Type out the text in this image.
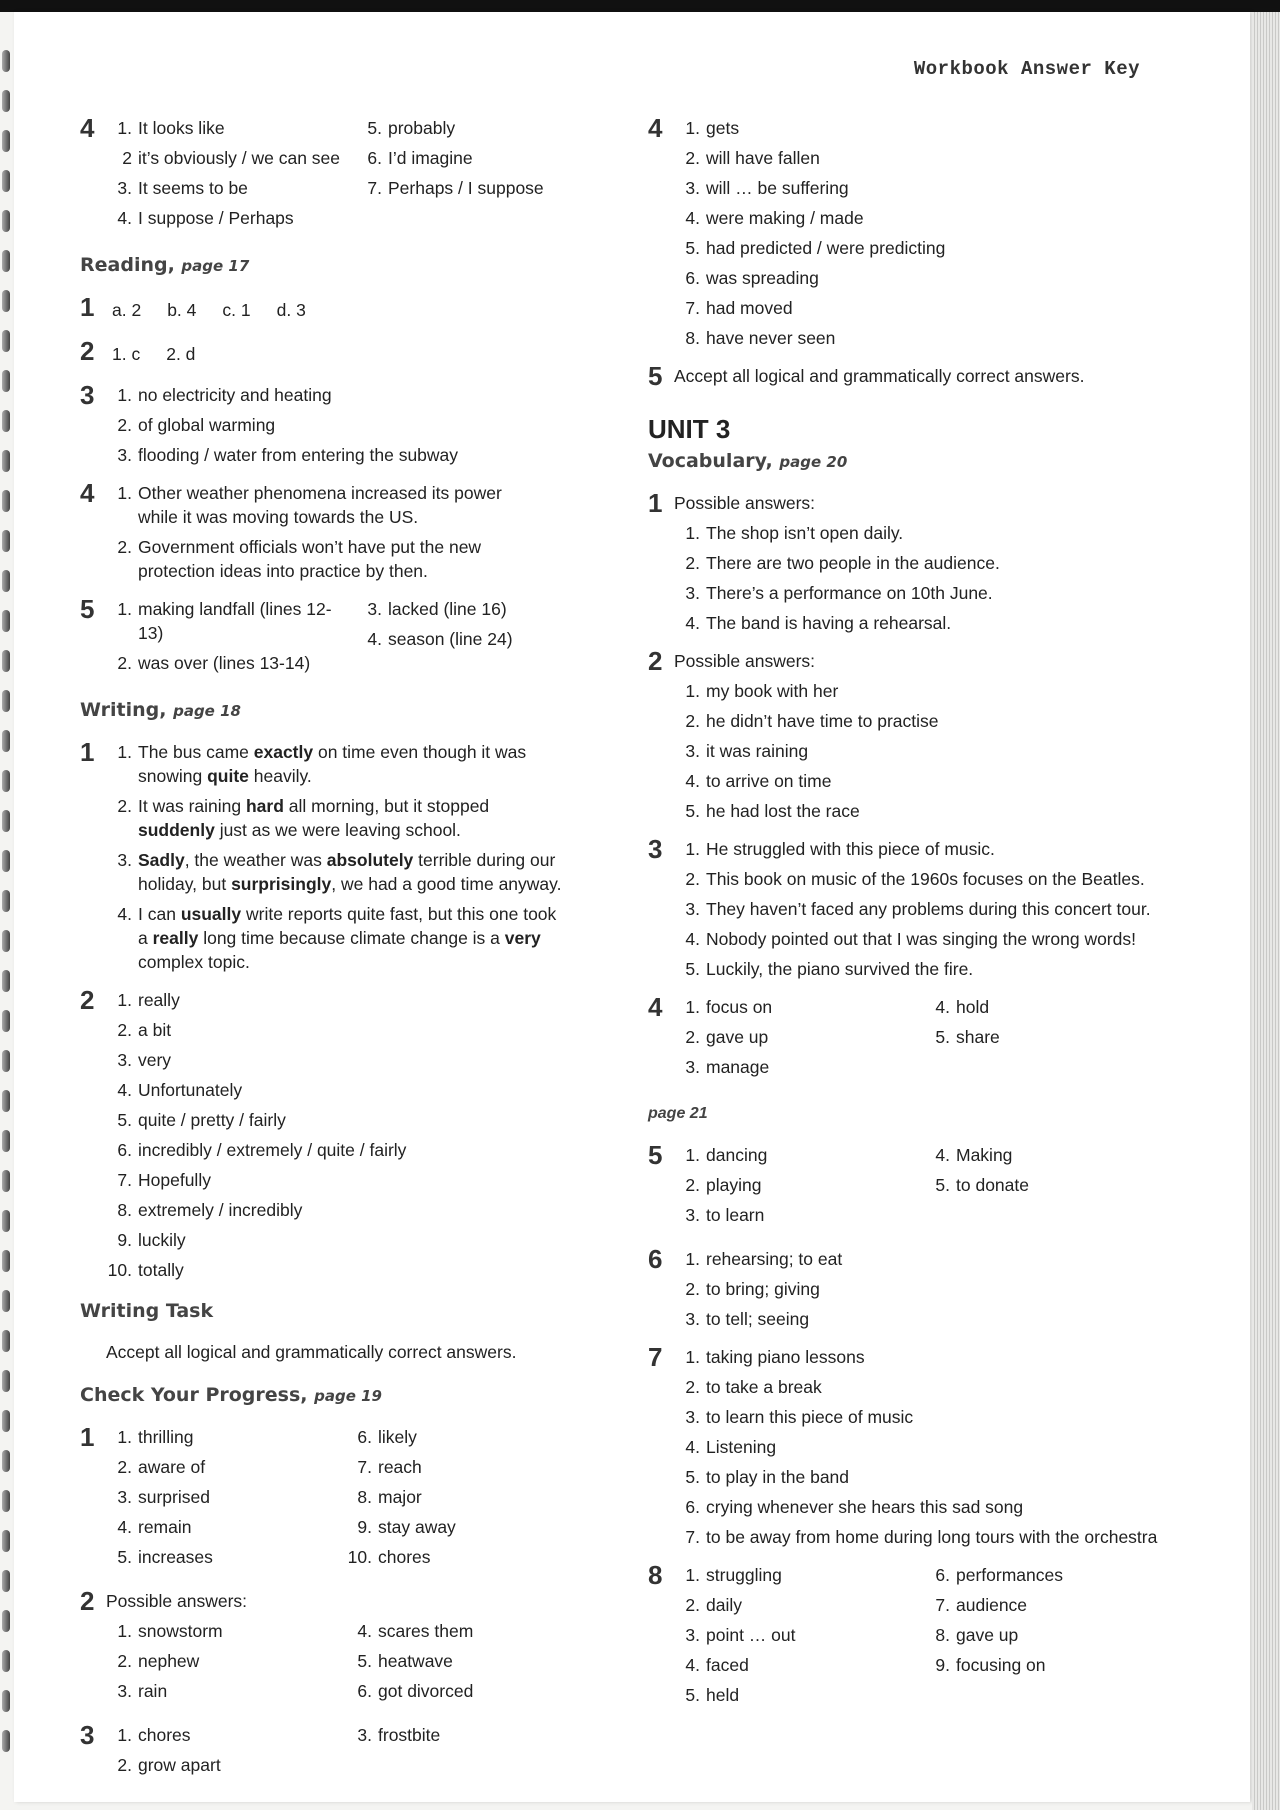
Workbook Answer Key
4	1. It looks like
2 it’s obviously / we can see
3. It seems to be
4. I suppose / Perhaps
5. probably
6. I’d imagine
7. Perhaps / I suppose
Reading, page 17
1	a. 2 b. 4 c. 1 d. 3
2	1. c 2. d
3	1. no electricity and heating
2. of global warming
3. flooding / water from entering the subway
4	1. Other weather phenomena increased its power while it was moving towards the US.
2. Government officials won’t have put the new protection ideas into practice by then.
5	1. making landfall (lines 12-13)
2. was over (lines 13-14)
3. lacked (line 16)
4. season (line 24)
Writing, page 18
1	1. The bus came exactly on time even though it was snowing quite heavily.
2. It was raining hard all morning, but it stopped suddenly just as we were leaving school.
3. Sadly, the weather was absolutely terrible during our holiday, but surprisingly, we had a good time anyway.
4. I can usually write reports quite fast, but this one took a really long time because climate change is a very complex topic.
2	1. really
2. a bit
3. very
4. Unfortunately
5. quite / pretty / fairly
6. incredibly / extremely / quite / fairly
7. Hopefully
8. extremely / incredibly
9. luckily
10. totally
Writing Task
Accept all logical and grammatically correct answers.
Check Your Progress, page 19
1	1. thrilling
2. aware of
3. surprised
4. remain
5. increases
6. likely
7. reach
8. major
9. stay away
10. chores
2 Possible answers:
1. snowstorm
2. nephew
3. rain
4. scares them
5. heatwave
6. got divorced
3	1. chores
2. grow apart
3. frostbite
4	1. gets
2. will have fallen
3. will … be suffering
4. were making / made
5. had predicted / were predicting
6. was spreading
7. had moved
8. have never seen
5 Accept all logical and grammatically correct answers.
UNIT 3
Vocabulary, page 20
1 Possible answers:
1. The shop isn’t open daily.
2. There are two people in the audience.
3. There’s a performance on 10th June.
4. The band is having a rehearsal.
2 Possible answers:
1. my book with her
2. he didn’t have time to practise
3. it was raining
4. to arrive on time
5. he had lost the race
3	1. He struggled with this piece of music.
2. This book on music of the 1960s focuses on the Beatles.
3. They haven’t faced any problems during this concert tour.
4. Nobody pointed out that I was singing the wrong words!
5. Luckily, the piano survived the fire.
4	1. focus on
2. gave up
3. manage
4. hold
5. share
page 21
5	1. dancing
2. playing
3. to learn
4. Making
5. to donate
6	1. rehearsing; to eat
2. to bring; giving
3. to tell; seeing
7	1. taking piano lessons
2. to take a break
3. to learn this piece of music
4. Listening
5. to play in the band
6. crying whenever she hears this sad song
7. to be away from home during long tours with the orchestra
8	1. struggling
2. daily
3. point … out
4. faced
5. held
6. performances
7. audience
8. gave up
9. focusing on
